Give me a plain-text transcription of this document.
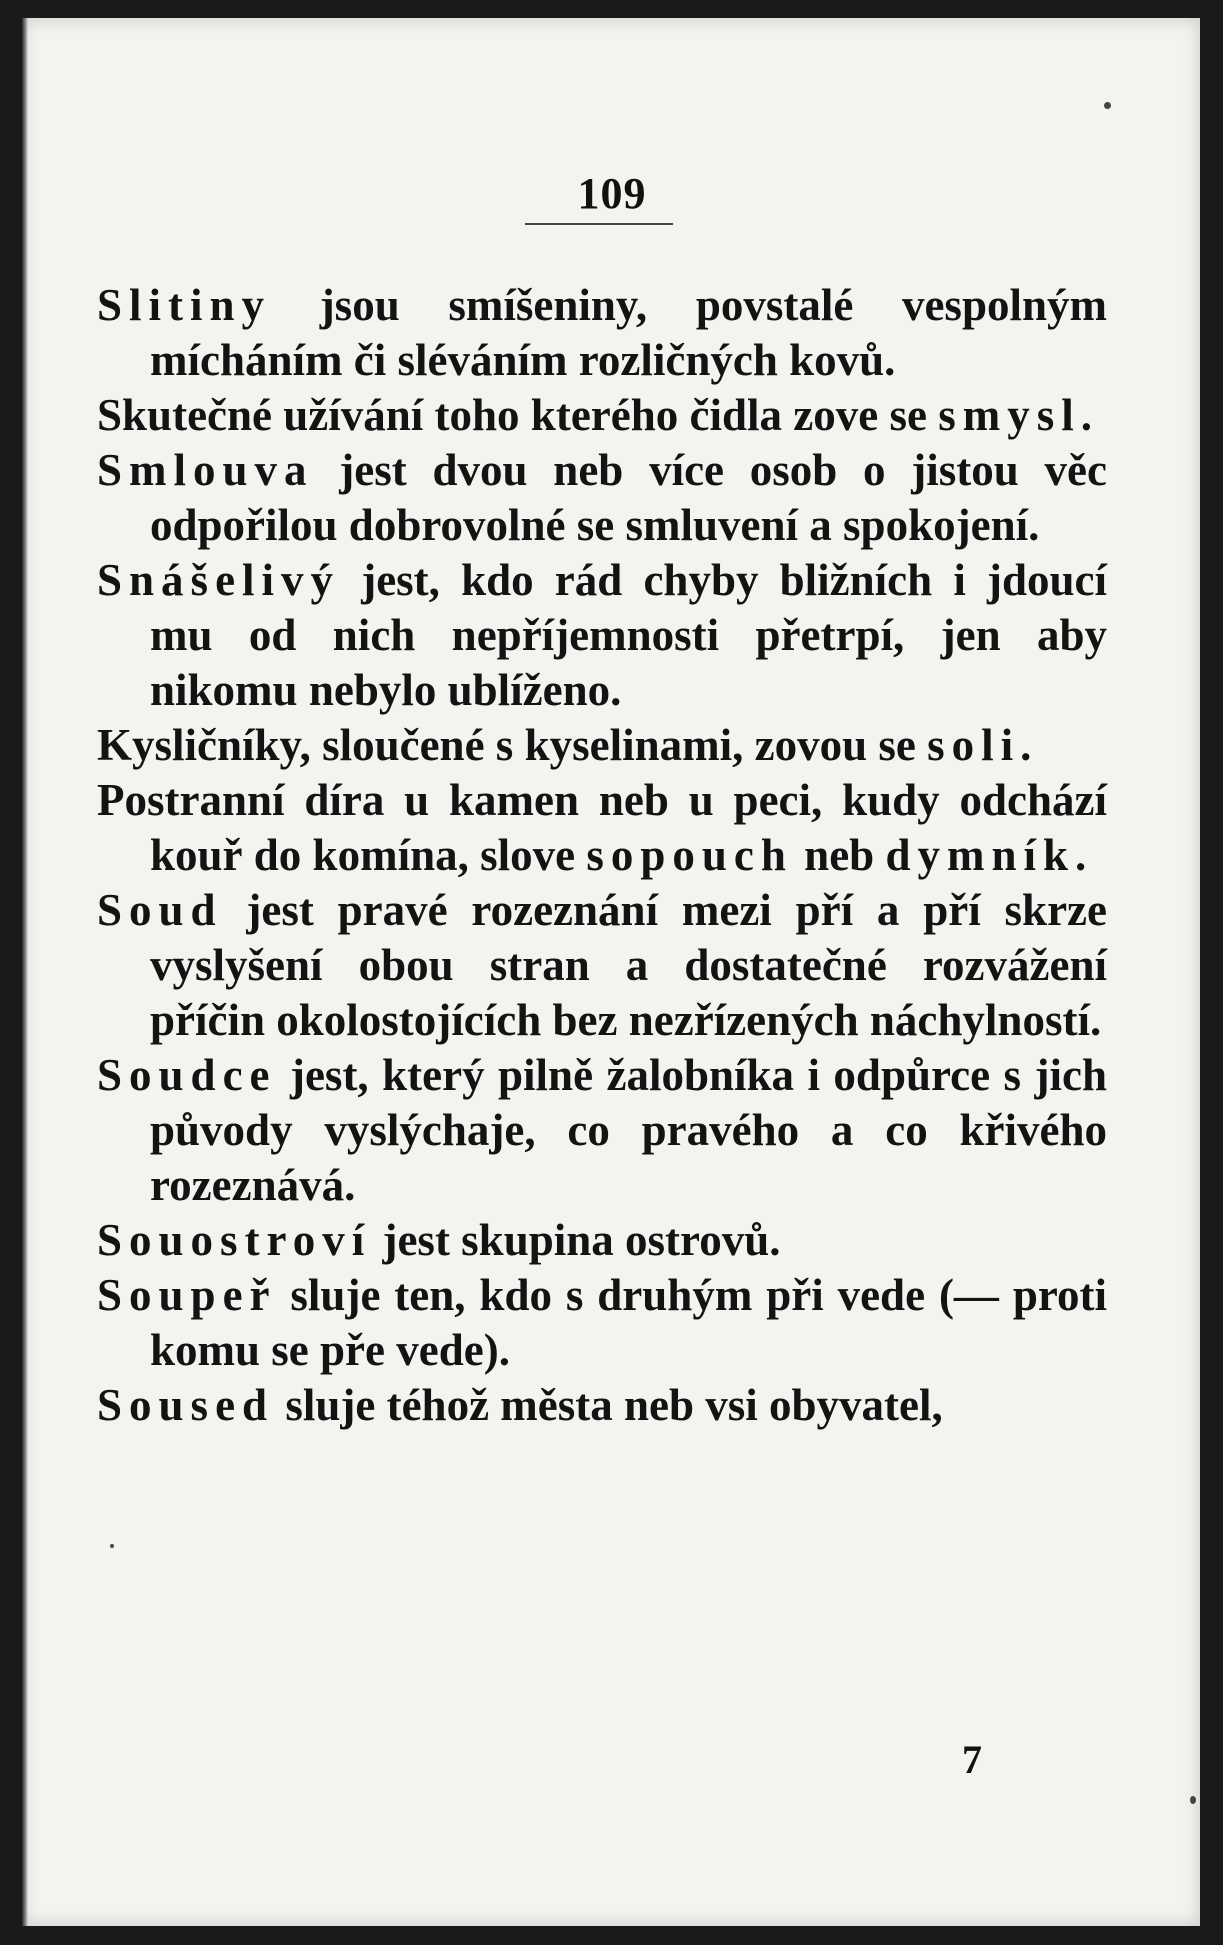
109

Slitiny jsou smíšeniny, povstalé vespolným mícháním či sléváním rozličných kovů.

Skutečné užívání toho kterého čidla zove se smysl.

Smlouva jest dvou neb více osob o jistou věc odpořilou dobrovolné se smluvení a spokojení.

Snášelivý jest, kdo rád chyby bližních i jdoucí mu od nich nepříjemnosti přetrpí, jen aby nikomu nebylo ublíženo.

Kysličníky, sloučené s kyselinami, zovou se soli.

Postranní díra u kamen neb u peci, kudy odchází kouř do komína, slove sopouch neb dymník.

Soud jest pravé rozeznání mezi pří a pří skrze vyslyšení obou stran a dostatečné rozvážení příčin okolostojících bez nezřízených náchylností.

Soudce jest, který pilně žalobníka i odpůrce s jich původy vyslýchaje, co pravého a co křivého rozeznává.

Souostroví jest skupina ostrovů.

Soupeř sluje ten, kdo s druhým při vede (— proti komu se pře vede).

Soused sluje téhož města neb vsi obyvatel,

7
